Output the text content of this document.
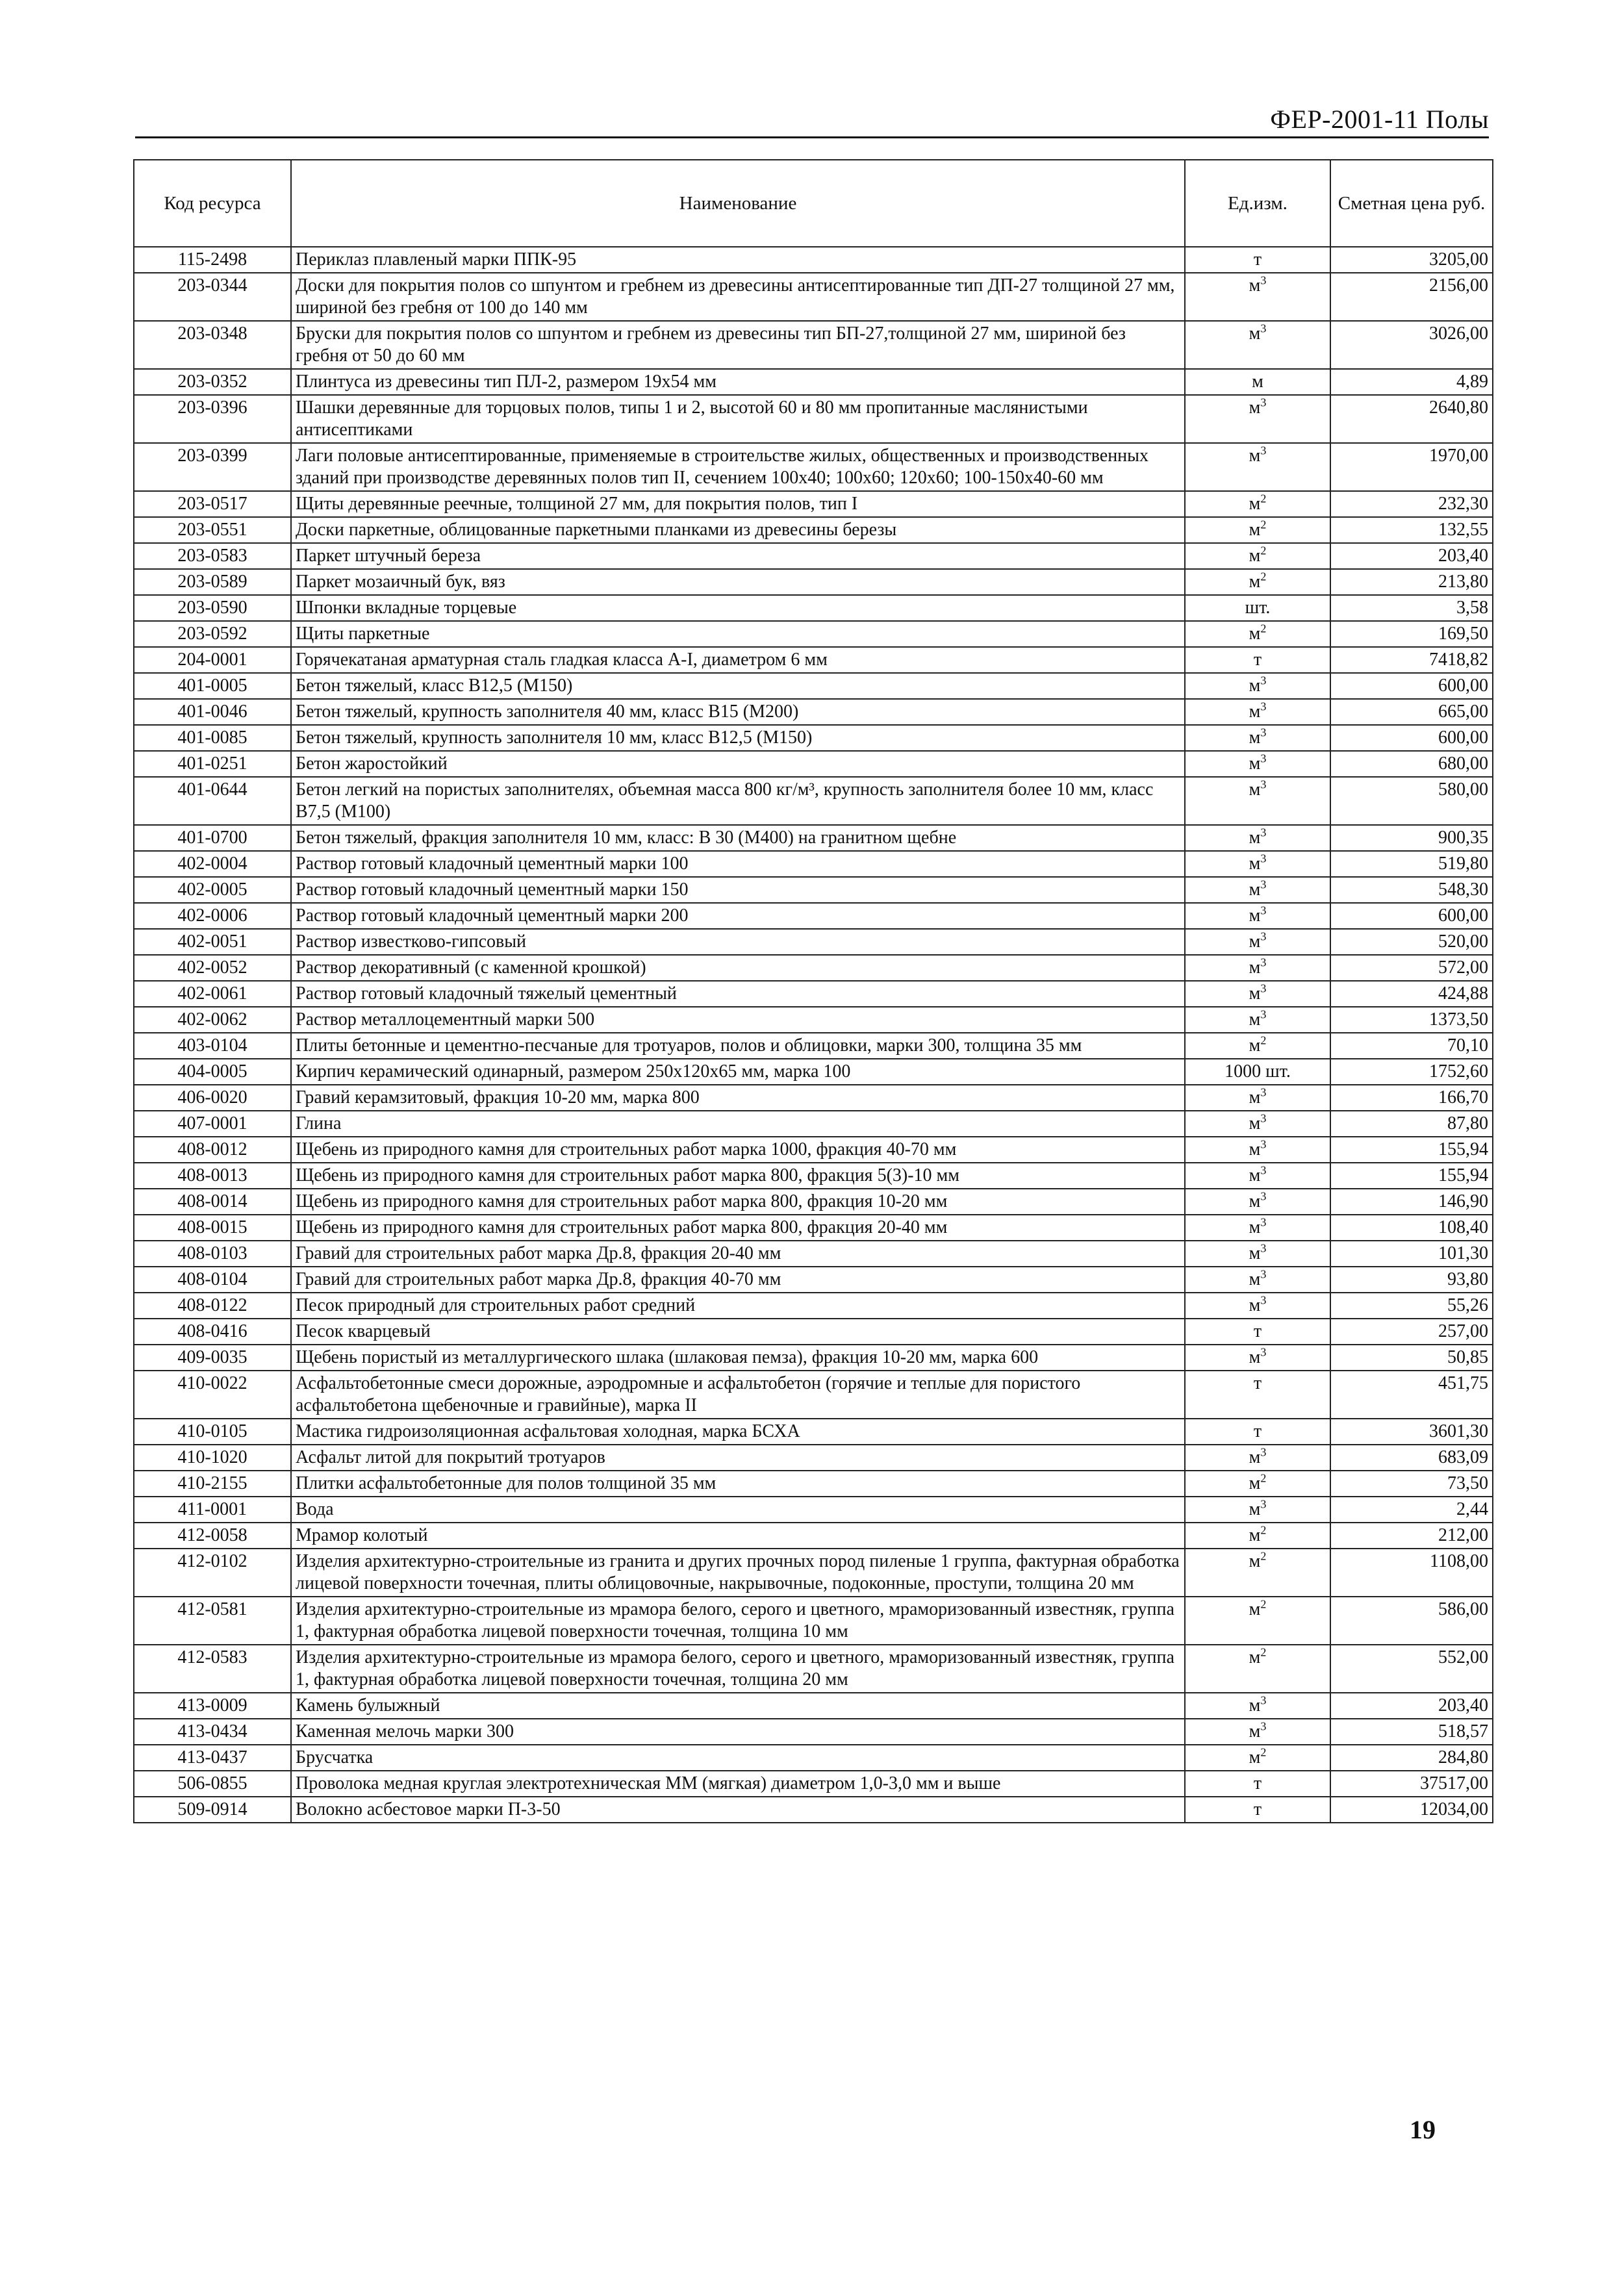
ФЕР-2001-11 Полы
Код ресурса	Наименование	Ед.изм.	Сметная цена руб.
115-2498	Периклаз плавленый марки ППК-95	т	3205,00
203-0344	Доски для покрытия полов со шпунтом и гребнем из древесины антисептированные тип ДП-27 толщиной 27 мм, шириной без гребня от 100 до 140 мм	$м^3$	2156,00
203-0348	Бруски для покрытия полов со шпунтом и гребнем из древесины тип БП-27,толщиной 27 мм, шириной без гребня от 50 до 60 мм	$м^3$	3026,00
203-0352	Плинтуса из древесины тип ПЛ-2, размером 19х54 мм	м	4,89
203-0396	Шашки деревянные для торцовых полов, типы 1 и 2, высотой 60 и 80 мм пропитанные маслянистыми антисептиками	$м^3$	2640,80
203-0399	Лаги половые антисептированные, применяемые в строительстве жилых, общественных и производственных зданий при производстве деревянных полов тип II, сечением 100х40; 100х60; 120х60; 100-150х40-60 мм	$м^3$	1970,00
203-0517	Щиты деревянные реечные, толщиной 27 мм, для покрытия полов, тип I	$м^2$	232,30
203-0551	Доски паркетные, облицованные паркетными планками из древесины березы	$м^2$	132,55
203-0583	Паркет штучный береза	$м^2$	203,40
203-0589	Паркет мозаичный бук, вяз	$м^2$	213,80
203-0590	Шпонки вкладные торцевые	шт.	3,58
203-0592	Щиты паркетные	$м^2$	169,50
204-0001	Горячекатаная арматурная сталь гладкая класса А-I, диаметром 6 мм	т	7418,82
401-0005	Бетон тяжелый, класс В12,5 (М150)	$м^3$	600,00
401-0046	Бетон тяжелый, крупность заполнителя 40 мм, класс В15 (М200)	$м^3$	665,00
401-0085	Бетон тяжелый, крупность заполнителя 10 мм, класс В12,5 (М150)	$м^3$	600,00
401-0251	Бетон жаростойкий	$м^3$	680,00
401-0644	Бетон легкий на пористых заполнителях, объемная масса 800 кг/м³, крупность заполнителя более 10 мм, класс В7,5 (М100)	$м^3$	580,00
401-0700	Бетон тяжелый, фракция заполнителя 10 мм, класс: В 30 (М400) на гранитном щебне	$м^3$	900,35
402-0004	Раствор готовый кладочный цементный марки 100	$м^3$	519,80
402-0005	Раствор готовый кладочный цементный марки 150	$м^3$	548,30
402-0006	Раствор готовый кладочный цементный марки 200	$м^3$	600,00
402-0051	Раствор известково-гипсовый	$м^3$	520,00
402-0052	Раствор декоративный (с каменной крошкой)	$м^3$	572,00
402-0061	Раствор готовый кладочный тяжелый цементный	$м^3$	424,88
402-0062	Раствор металлоцементный марки 500	$м^3$	1373,50
403-0104	Плиты бетонные и цементно-песчаные для тротуаров, полов и облицовки, марки 300, толщина 35 мм	$м^2$	70,10
404-0005	Кирпич керамический одинарный, размером 250х120х65 мм, марка 100	1000 шт.	1752,60
406-0020	Гравий керамзитовый, фракция 10-20 мм, марка 800	$м^3$	166,70
407-0001	Глина	$м^3$	87,80
408-0012	Щебень из природного камня для строительных работ марка 1000, фракция 40-70 мм	$м^3$	155,94
408-0013	Щебень из природного камня для строительных работ марка 800, фракция 5(3)-10 мм	$м^3$	155,94
408-0014	Щебень из природного камня для строительных работ марка 800, фракция 10-20 мм	$м^3$	146,90
408-0015	Щебень из природного камня для строительных работ марка 800, фракция 20-40 мм	$м^3$	108,40
408-0103	Гравий для строительных работ марка Др.8, фракция 20-40 мм	$м^3$	101,30
408-0104	Гравий для строительных работ марка Др.8, фракция 40-70 мм	$м^3$	93,80
408-0122	Песок природный для строительных работ средний	$м^3$	55,26
408-0416	Песок кварцевый	т	257,00
409-0035	Щебень пористый из металлургического шлака (шлаковая пемза), фракция 10-20 мм, марка 600	$м^3$	50,85
410-0022	Асфальтобетонные смеси дорожные, аэродромные и асфальтобетон (горячие и теплые для пористого асфальтобетона щебеночные и гравийные), марка II	т	451,75
410-0105	Мастика гидроизоляционная асфальтовая холодная, марка БСХА	т	3601,30
410-1020	Асфальт литой для покрытий тротуаров	$м^3$	683,09
410-2155	Плитки асфальтобетонные для полов толщиной 35 мм	$м^2$	73,50
411-0001	Вода	$м^3$	2,44
412-0058	Мрамор колотый	$м^2$	212,00
412-0102	Изделия архитектурно-строительные из гранита и других прочных пород пиленые 1 группа, фактурная обработка лицевой поверхности точечная, плиты облицовочные, накрывочные, подоконные, проступи, толщина 20 мм	$м^2$	1108,00
412-0581	Изделия архитектурно-строительные из мрамора белого, серого и цветного, мраморизованный известняк, группа 1, фактурная обработка лицевой поверхности точечная, толщина 10 мм	$м^2$	586,00
412-0583	Изделия архитектурно-строительные из мрамора белого, серого и цветного, мраморизованный известняк, группа 1, фактурная обработка лицевой поверхности точечная, толщина 20 мм	$м^2$	552,00
413-0009	Камень булыжный	$м^3$	203,40
413-0434	Каменная мелочь марки 300	$м^3$	518,57
413-0437	Брусчатка	$м^2$	284,80
506-0855	Проволока медная круглая электротехническая ММ (мягкая) диаметром 1,0-3,0 мм и выше	т	37517,00
509-0914	Волокно асбестовое марки П-3-50	т	12034,00
19
